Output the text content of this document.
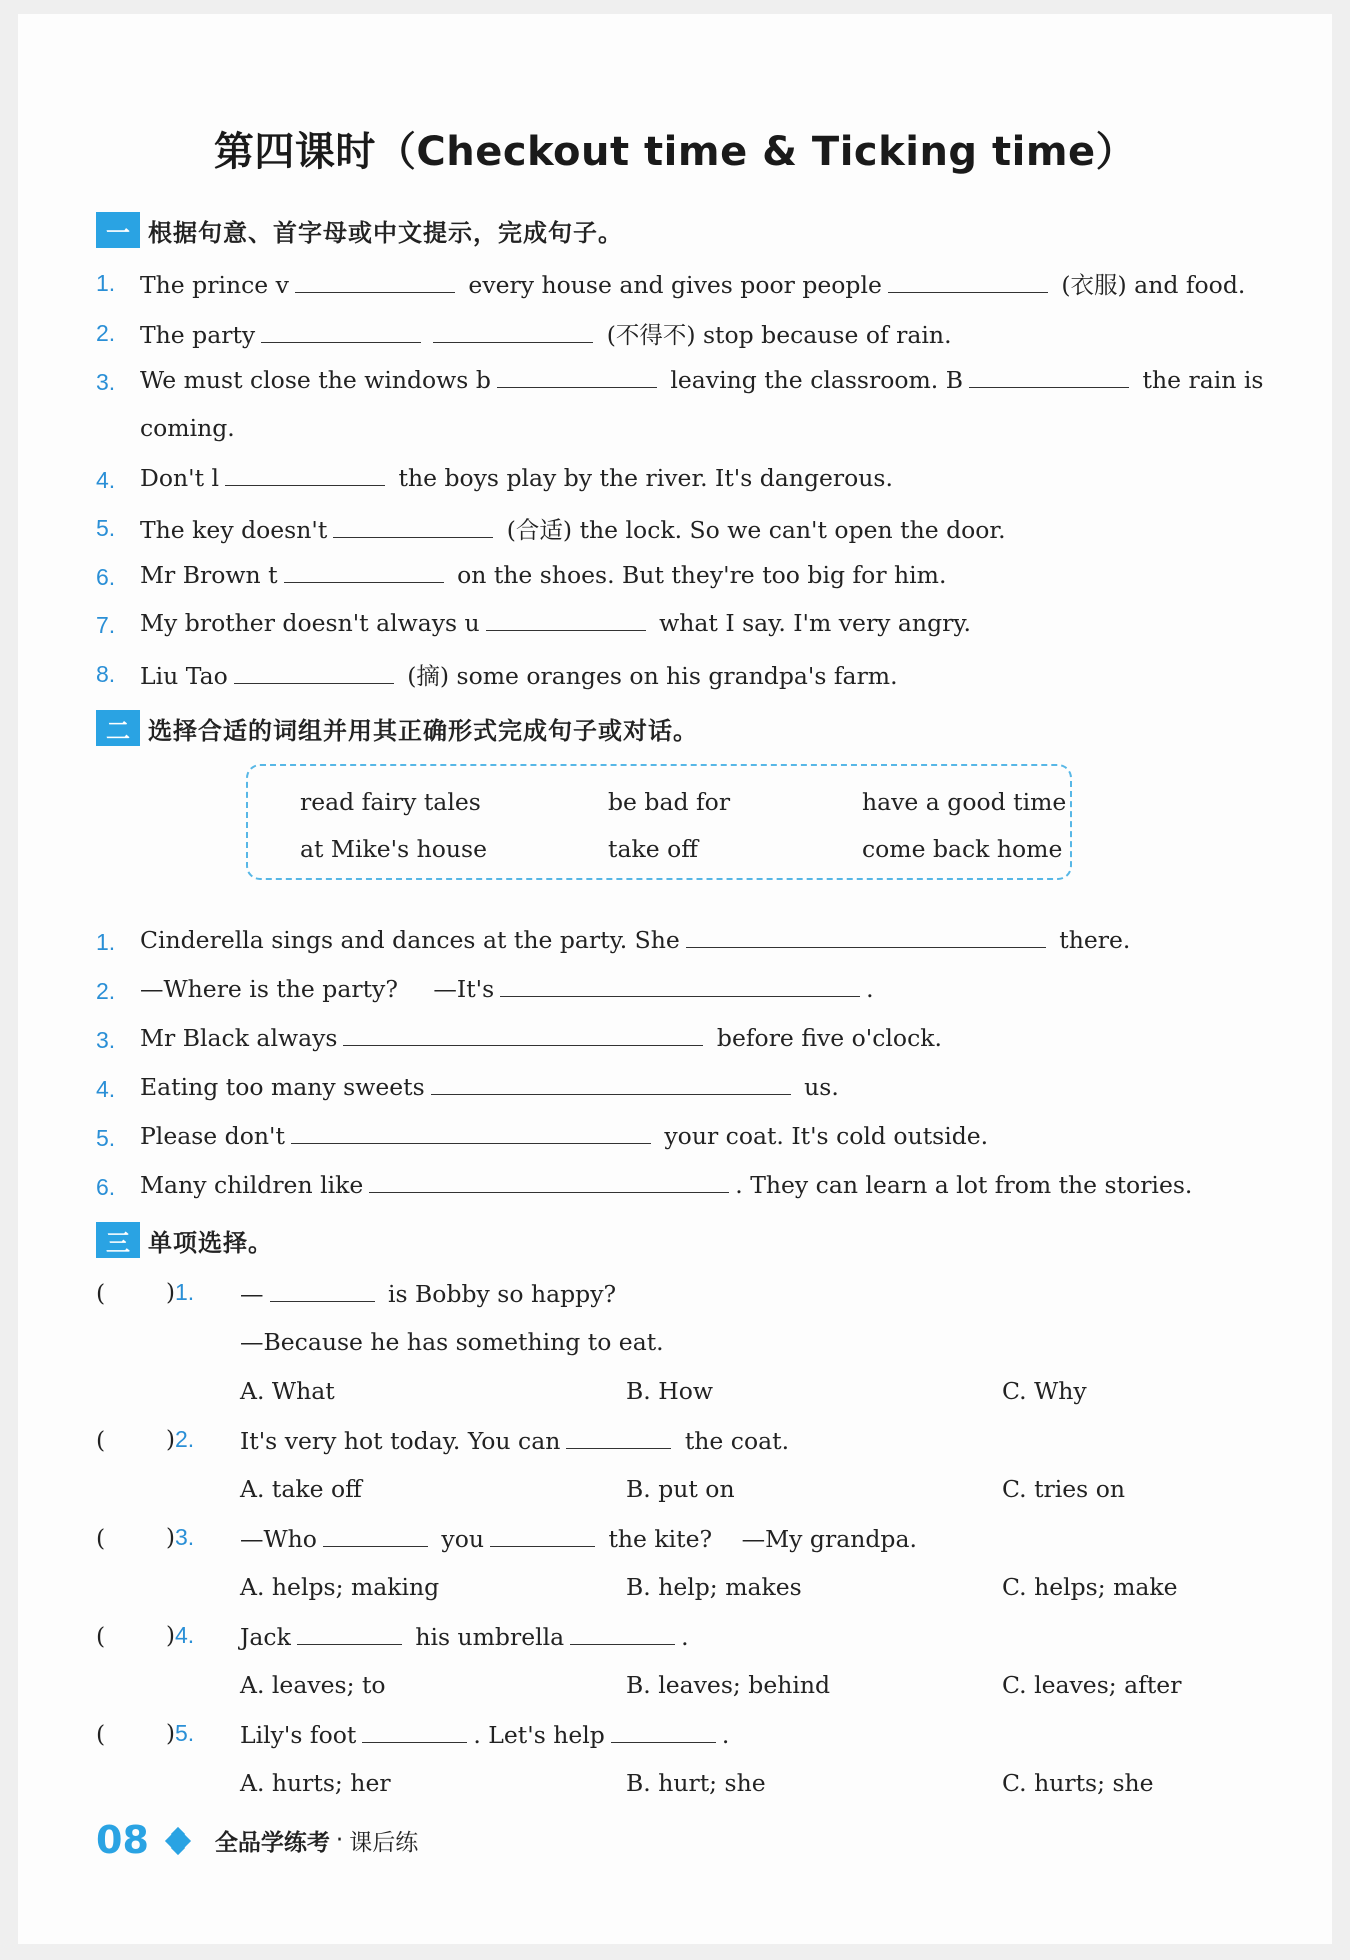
第四课时（Checkout time & Ticking time）
一 根据句意、首字母或中文提示，完成句子。
1. The prince v	every house and gives poor people	(衣服) and food.
2. The party	(不得不) stop because of rain.
3. We must close the windows b	leaving the classroom. B	the rain is
coming.
4. Don't l	the boys play by the river. It's dangerous.
5. The key doesn't	(合适) the lock. So we can't open the door.
6. Mr Brown t	on the shoes. But they're too big for him.
7. My brother doesn't always u	what I say. I'm very angry.
8. Liu Tao	(摘) some oranges on his grandpa's farm.
二 选择合适的词组并用其正确形式完成句子或对话。
read fairy tales	be bad for	have a good time
at Mike's house	take off	come back home
1. Cinderella sings and dances at the party. She	there.
2. —Where is the party? —It's	.
3. Mr Black always	before five o'clock.
4. Eating too many sweets	us.
5. Please don't	your coat. It's cold outside.
6. Many children like	. They can learn a lot from the stories.
三 单项选择。
(	)1. —	is Bobby so happy?
—Because he has something to eat.
A. What	B. How	C. Why
(	)2. It's very hot today. You can	the coat.
A. take off	B. put on	C. tries on
(	)3. —Who	you	the kite? —My grandpa.
A. helps; making	B. help; makes	C. helps; make
(	)4. Jack	his umbrella	.
A. leaves; to	B. leaves; behind	C. leaves; after
(	)5. Lily's foot	. Let's help	.
A. hurts; her	B. hurt; she	C. hurts; she
08	全品学练考 · 课后练
